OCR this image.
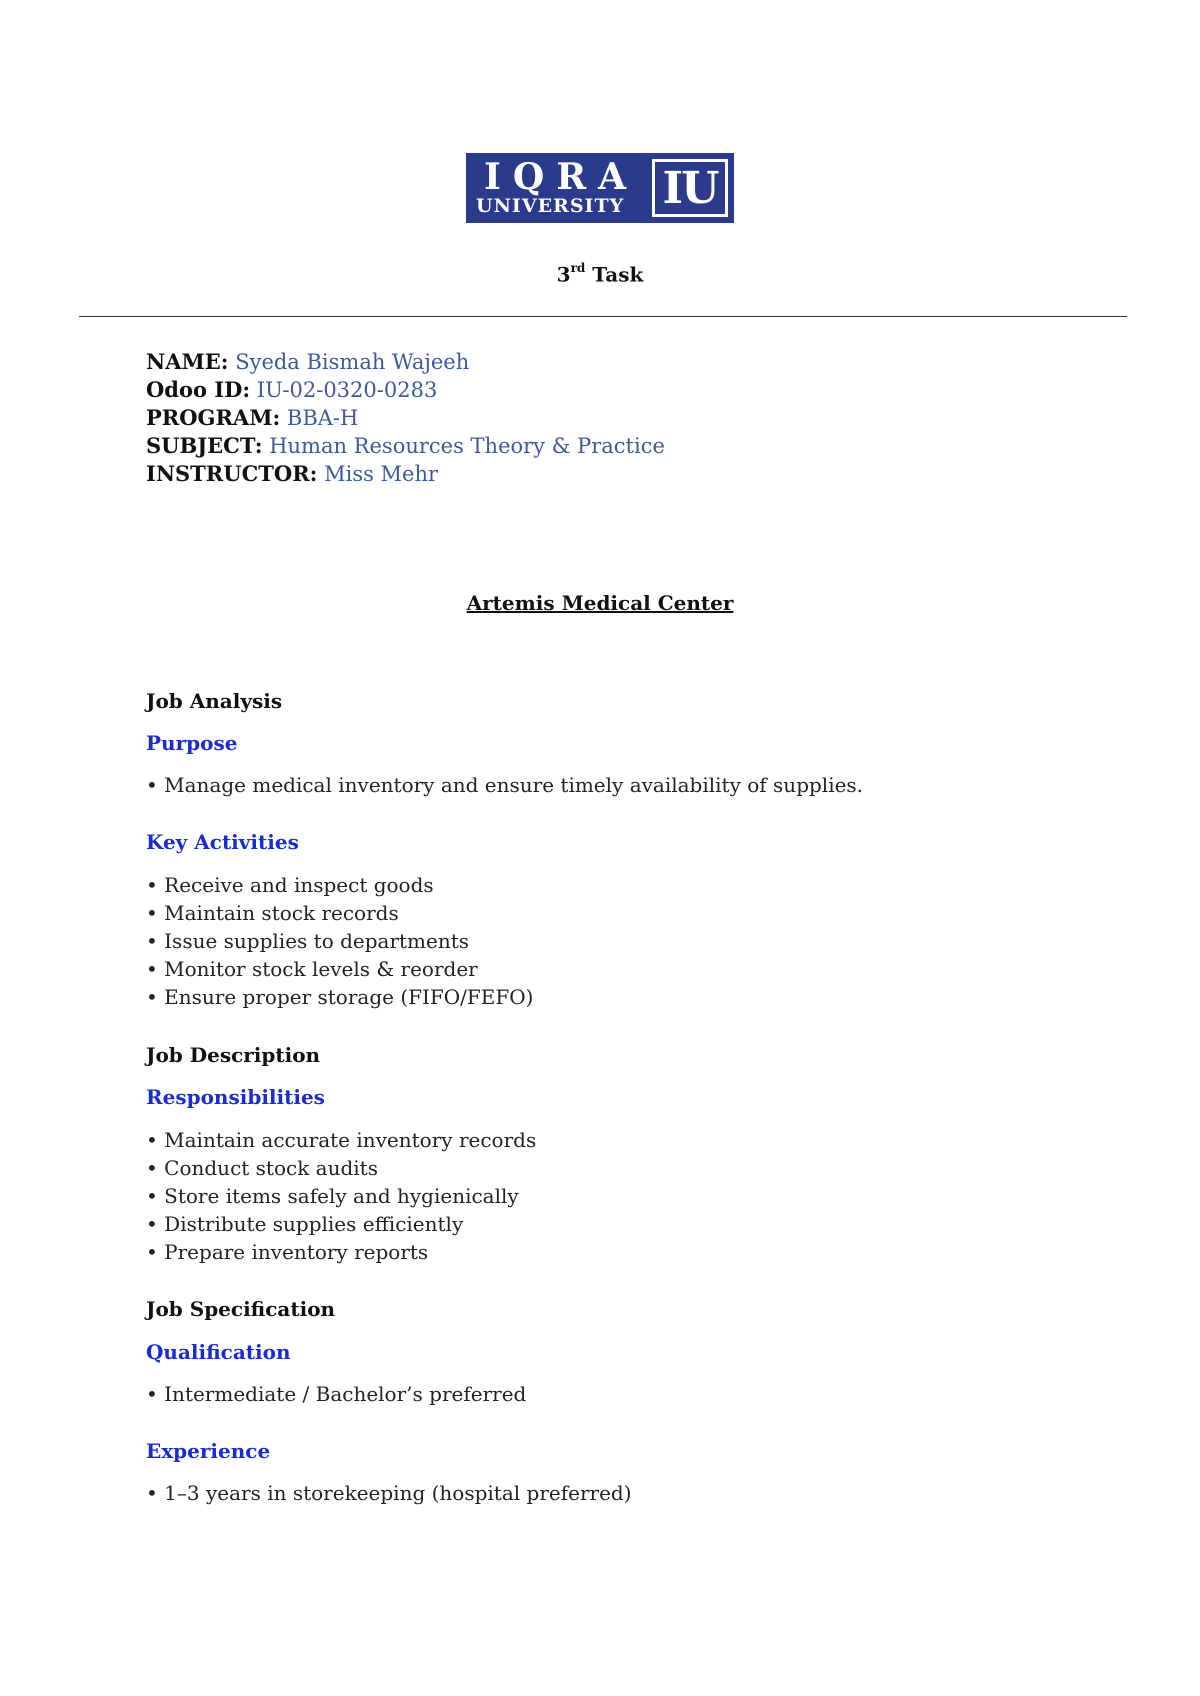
IQRA
UNIVERSITY IU
3rd Task
NAME: Syeda Bismah Wajeeh
Odoo ID: IU-02-0320-0283
PROGRAM: BBA-H
SUBJECT: Human Resources Theory & Practice
INSTRUCTOR: Miss Mehr
Artemis Medical Center
Job Analysis
Purpose
• Manage medical inventory and ensure timely availability of supplies.
Key Activities
• Receive and inspect goods
• Maintain stock records
• Issue supplies to departments
• Monitor stock levels & reorder
• Ensure proper storage (FIFO/FEFO)
Job Description
Responsibilities
• Maintain accurate inventory records
• Conduct stock audits
• Store items safely and hygienically
• Distribute supplies efficiently
• Prepare inventory reports
Job Specification
Qualification
• Intermediate / Bachelor’s preferred
Experience
• 1–3 years in storekeeping (hospital preferred)
